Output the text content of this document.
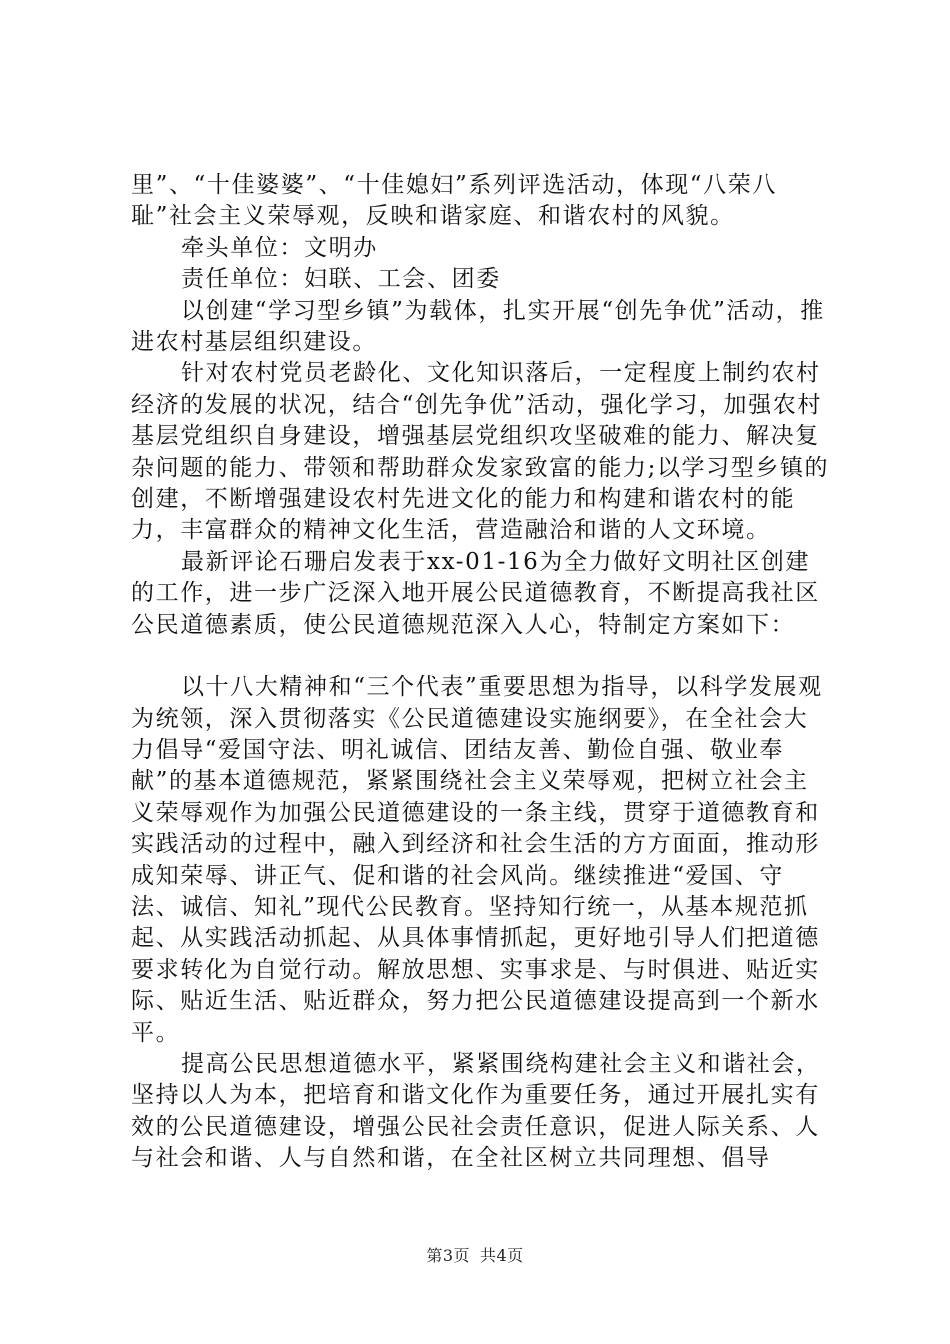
里”、“十佳婆婆”、“十佳媳妇”系列评选活动，体现“八荣八耻”社会主义荣辱观，反映和谐家庭、和谐农村的风貌。

牵头单位：文明办

责任单位：妇联、工会、团委

以创建“学习型乡镇”为载体，扎实开展“创先争优”活动，推进农村基层组织建设。

针对农村党员老龄化、文化知识落后，一定程度上制约农村经济的发展的状况，结合“创先争优”活动，强化学习，加强农村基层党组织自身建设，增强基层党组织攻坚破难的能力、解决复杂问题的能力、带领和帮助群众发家致富的能力;以学习型乡镇的创建，不断增强建设农村先进文化的能力和构建和谐农村的能力，丰富群众的精神文化生活，营造融洽和谐的人文环境。

最新评论石珊启发表于xx-01-16为全力做好文明社区创建的工作，进一步广泛深入地开展公民道德教育，不断提高我社区公民道德素质，使公民道德规范深入人心，特制定方案如下：

以十八大精神和“三个代表”重要思想为指导，以科学发展观为统领，深入贯彻落实《公民道德建设实施纲要》，在全社会大力倡导“爱国守法、明礼诚信、团结友善、勤俭自强、敬业奉献”的基本道德规范，紧紧围绕社会主义荣辱观，把树立社会主义荣辱观作为加强公民道德建设的一条主线，贯穿于道德教育和实践活动的过程中，融入到经济和社会生活的方方面面，推动形成知荣辱、讲正气、促和谐的社会风尚。继续推进“爱国、守法、诚信、知礼”现代公民教育。坚持知行统一，从基本规范抓起、从实践活动抓起、从具体事情抓起，更好地引导人们把道德要求转化为自觉行动。解放思想、实事求是、与时俱进、贴近实际、贴近生活、贴近群众，努力把公民道德建设提高到一个新水平。

提高公民思想道德水平，紧紧围绕构建社会主义和谐社会，坚持以人为本，把培育和谐文化作为重要任务，通过开展扎实有效的公民道德建设，增强公民社会责任意识，促进人际关系、人与社会和谐、人与自然和谐，在全社区树立共同理想、倡导

第3页 共4页
